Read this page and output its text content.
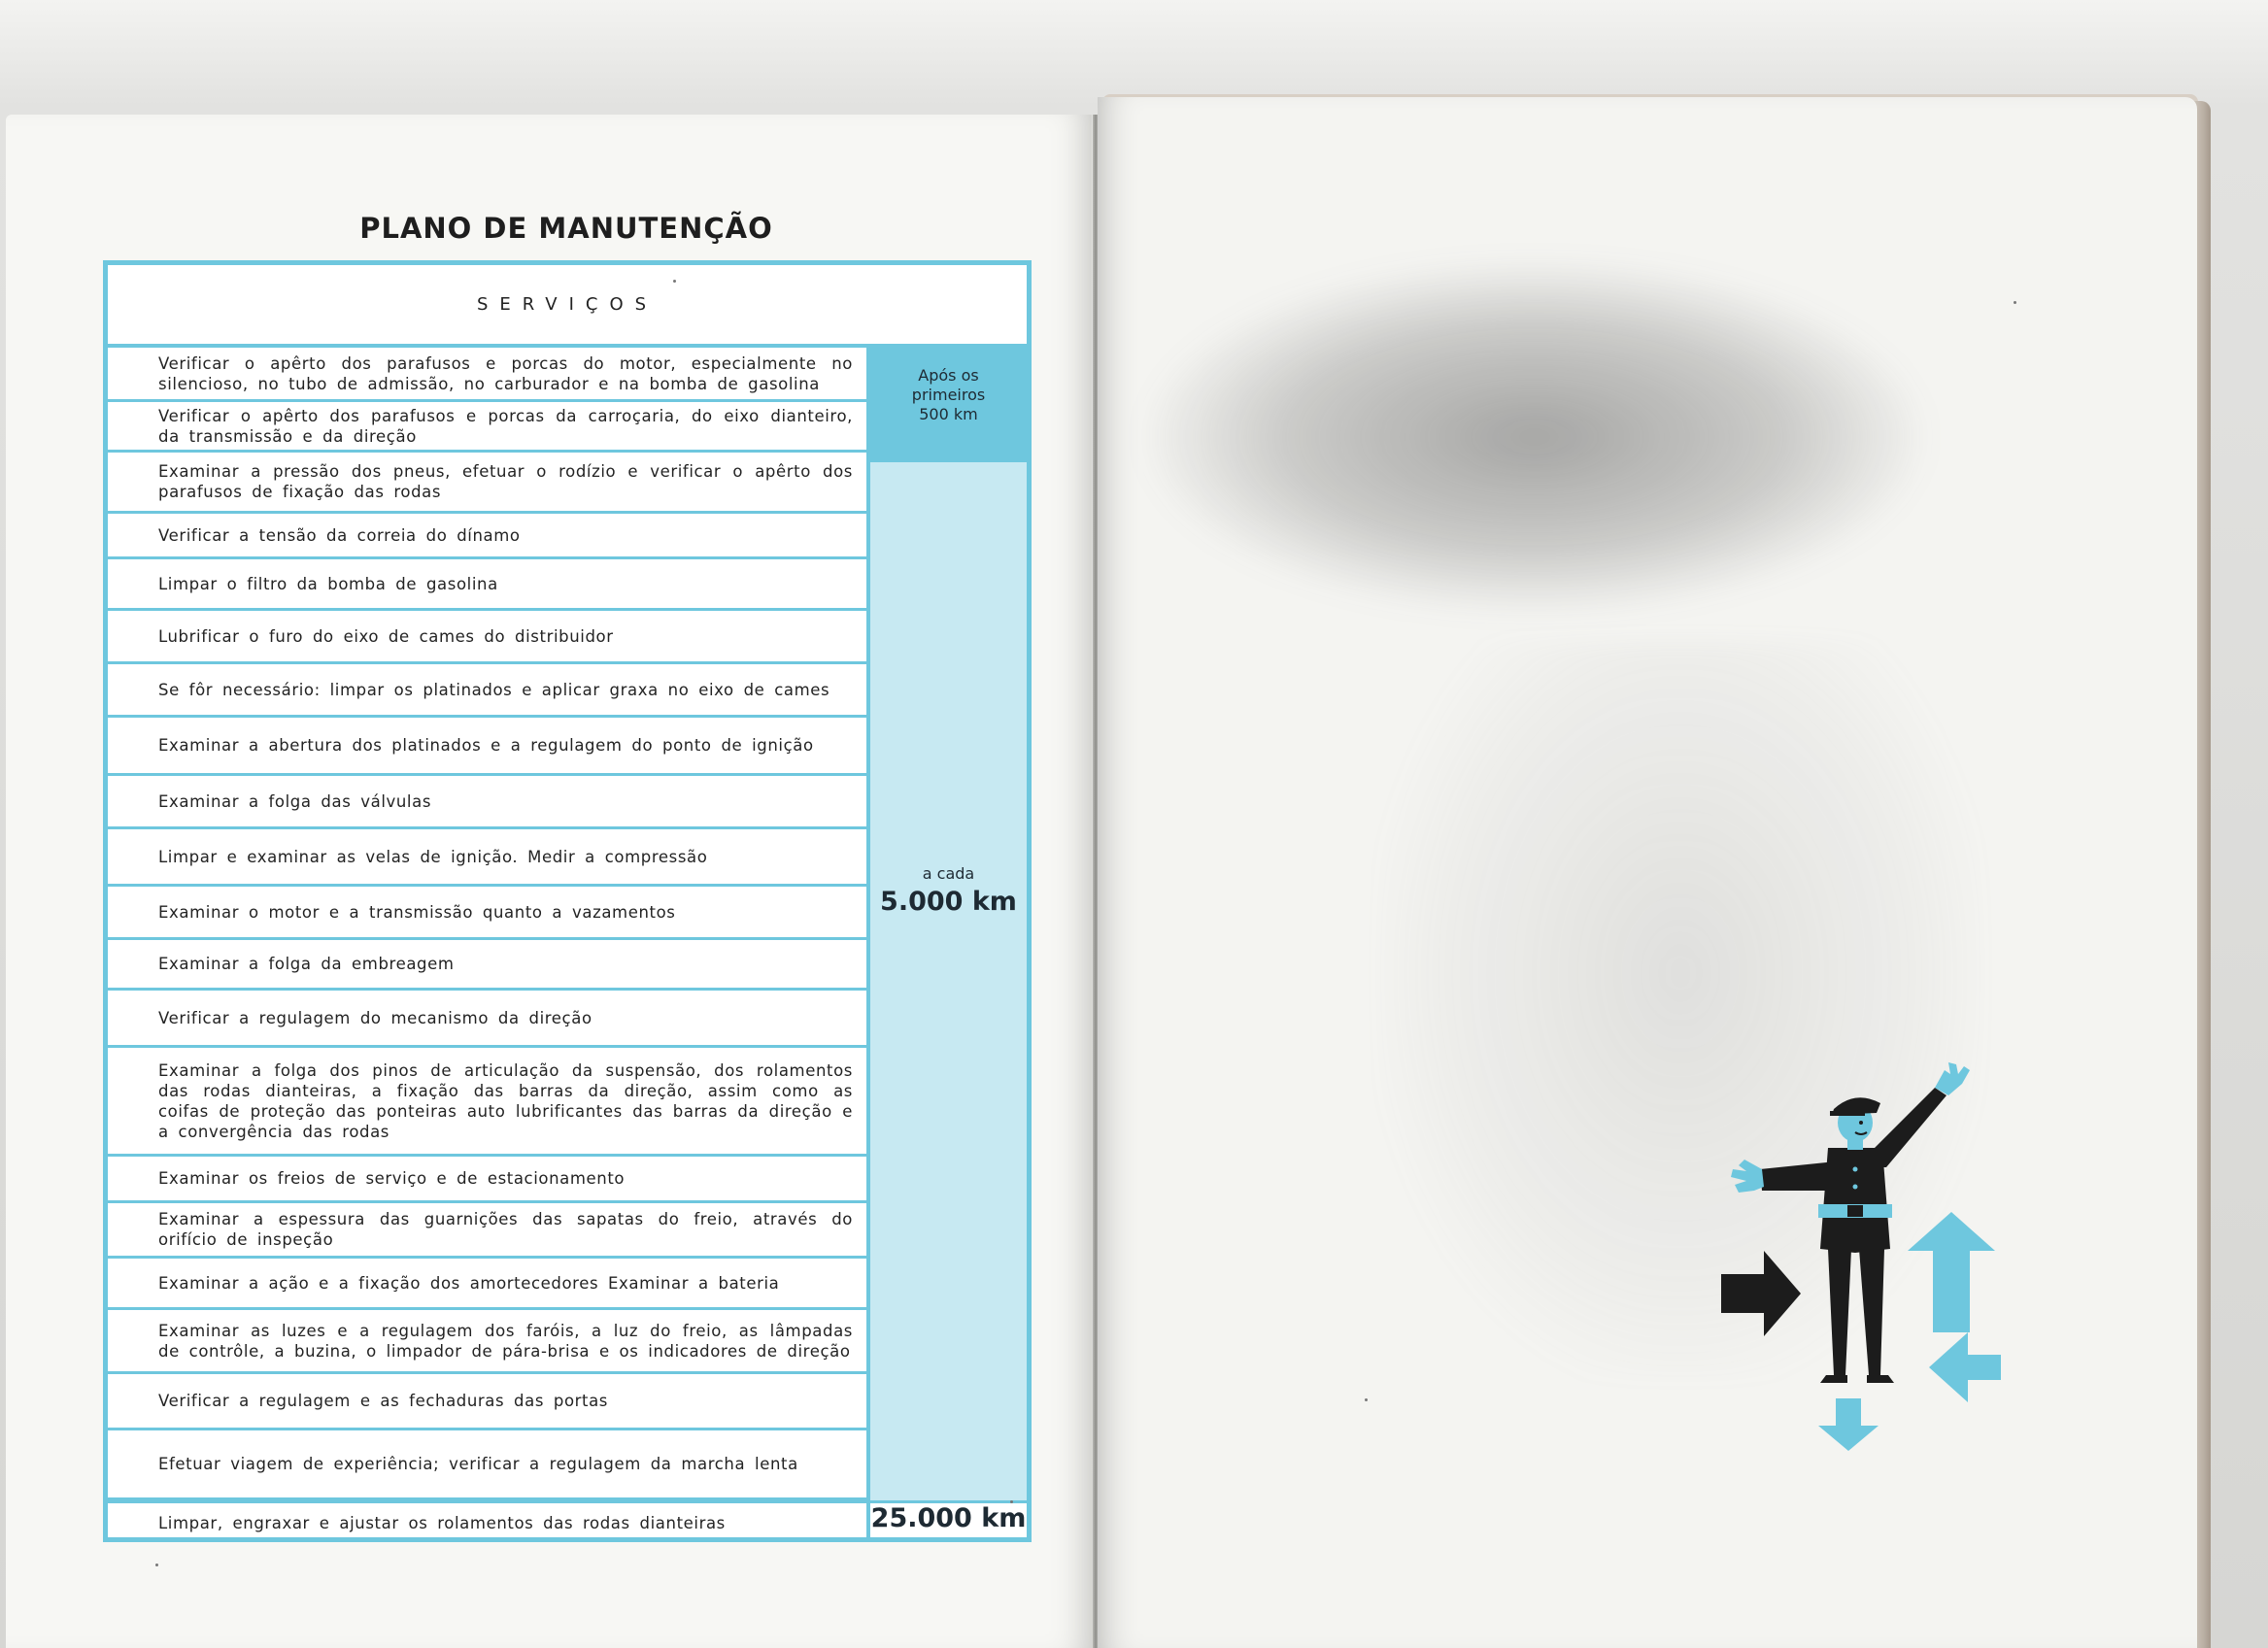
PLANO DE MANUTENÇÃO
SERVIÇOS
Após os
primeiros
500 km
a cada
5.000 km
25.000 km
Verificar o apêrto dos parafusos e porcas do motor, especialmente no silencioso, no tubo de admissão, no carburador e na bomba de gasolina
Verificar o apêrto dos parafusos e porcas da carroçaria, do eixo dianteiro, da transmissão e da direção
Examinar a pressão dos pneus, efetuar o rodízio e verificar o apêrto dos parafusos de fixação das rodas
Verificar a tensão da correia do dínamo
Limpar o filtro da bomba de gasolina
Lubrificar o furo do eixo de cames do distribuidor
Se fôr necessário: limpar os platinados e aplicar graxa no eixo de cames
Examinar a abertura dos platinados e a regulagem do ponto de ignição
Examinar a folga das válvulas
Limpar e examinar as velas de ignição. Medir a compressão
Examinar o motor e a transmissão quanto a vazamentos
Examinar a folga da embreagem
Verificar a regulagem do mecanismo da direção
Examinar a folga dos pinos de articulação da suspensão, dos rolamentos das rodas dianteiras, a fixação das barras da direção, assim como as coifas de proteção das ponteiras auto lubrificantes das barras da direção e a convergência das rodas
Examinar os freios de serviço e de estacionamento
Examinar a espessura das guarnições das sapatas do freio, através do orifício de inspeção
Examinar a ação e a fixação dos amortecedores Examinar a bateria
Examinar as luzes e a regulagem dos faróis, a luz do freio, as lâmpadas de contrôle, a buzina, o limpador de pára-brisa e os indicadores de direção
Verificar a regulagem e as fechaduras das portas
Efetuar viagem de experiência; verificar a regulagem da marcha lenta
Limpar, engraxar e ajustar os rolamentos das rodas dianteiras
